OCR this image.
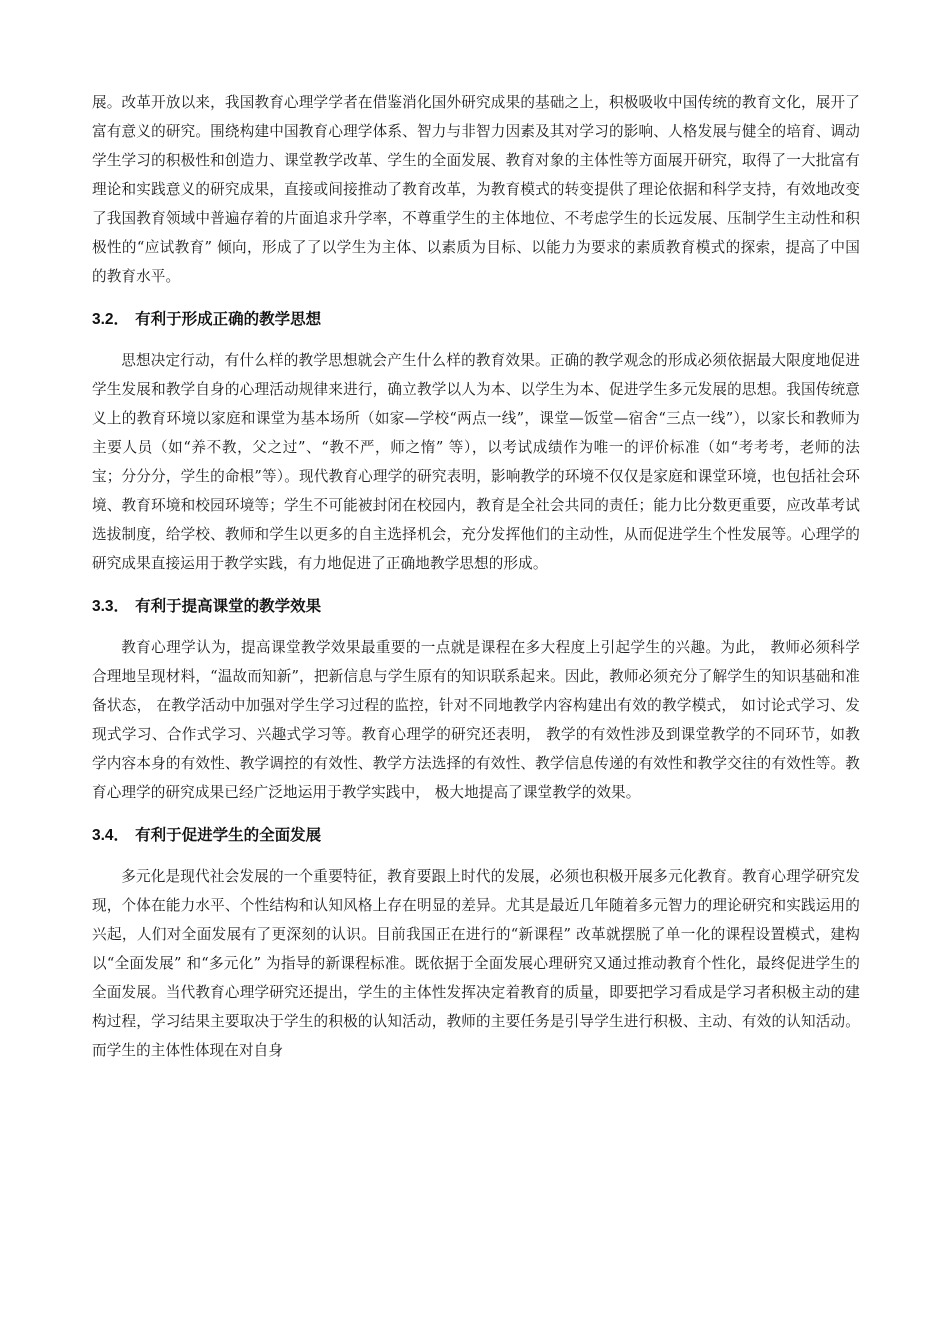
展。改革开放以来，我国教育心理学学者在借鉴消化国外研究成果的基础之上，积极吸收中国传统的教育文化，展开了富有意义的研究。围绕构建中国教育心理学体系、智力与非智力因素及其对学习的影响、人格发展与健全的培育、调动学生学习的积极性和创造力、课堂教学改革、学生的全面发展、教育对象的主体性等方面展开研究，取得了一大批富有理论和实践意义的研究成果，直接或间接推动了教育改革，为教育模式的转变提供了理论依据和科学支持，有效地改变了我国教育领域中普遍存着的片面追求升学率，不尊重学生的主体地位、不考虑学生的长远发展、压制学生主动性和积极性的“应试教育” 倾向，形成了了以学生为主体、以素质为目标、以能力为要求的素质教育模式的探索，提高了中国的教育水平。

3.2． 有利于形成正确的教学思想

思想决定行动，有什么样的教学思想就会产生什么样的教育效果。正确的教学观念的形成必须依据最大限度地促进学生发展和教学自身的心理活动规律来进行，确立教学以人为本、以学生为本、促进学生多元发展的思想。我国传统意义上的教育环境以家庭和课堂为基本场所（如家—学校“两点一线”，课堂—饭堂—宿舍“三点一线”），以家长和教师为主要人员（如“养不教，父之过”、“教不严，师之惰” 等），以考试成绩作为唯一的评价标准（如“考考考，老师的法宝；分分分，学生的命根”等）。现代教育心理学的研究表明，影响教学的环境不仅仅是家庭和课堂环境，也包括社会环境、教育环境和校园环境等；学生不可能被封闭在校园内，教育是全社会共同的责任；能力比分数更重要，应改革考试选拔制度，给学校、教师和学生以更多的自主选择机会，充分发挥他们的主动性，从而促进学生个性发展等。心理学的研究成果直接运用于教学实践，有力地促进了正确地教学思想的形成。

3.3． 有利于提高课堂的教学效果

教育心理学认为，提高课堂教学效果最重要的一点就是课程在多大程度上引起学生的兴趣。为此， 教师必须科学合理地呈现材料，“温故而知新”，把新信息与学生原有的知识联系起来。因此，教师必须充分了解学生的知识基础和准备状态， 在教学活动中加强对学生学习过程的监控，针对不同地教学内容构建出有效的教学模式， 如讨论式学习、发现式学习、合作式学习、兴趣式学习等。教育心理学的研究还表明， 教学的有效性涉及到课堂教学的不同环节，如教学内容本身的有效性、教学调控的有效性、教学方法选择的有效性、教学信息传递的有效性和教学交往的有效性等。教育心理学的研究成果已经广泛地运用于教学实践中， 极大地提高了课堂教学的效果。

3.4． 有利于促进学生的全面发展

多元化是现代社会发展的一个重要特征，教育要跟上时代的发展，必须也积极开展多元化教育。教育心理学研究发现，个体在能力水平、个性结构和认知风格上存在明显的差异。尤其是最近几年随着多元智力的理论研究和实践运用的兴起，人们对全面发展有了更深刻的认识。目前我国正在进行的“新课程” 改革就摆脱了单一化的课程设置模式，建构以“全面发展” 和“多元化” 为指导的新课程标准。既依据于全面发展心理研究又通过推动教育个性化，最终促进学生的全面发展。当代教育心理学研究还提出，学生的主体性发挥决定着教育的质量，即要把学习看成是学习者积极主动的建构过程，学习结果主要取决于学生的积极的认知活动，教师的主要任务是引导学生进行积极、主动、有效的认知活动。而学生的主体性体现在对自身
